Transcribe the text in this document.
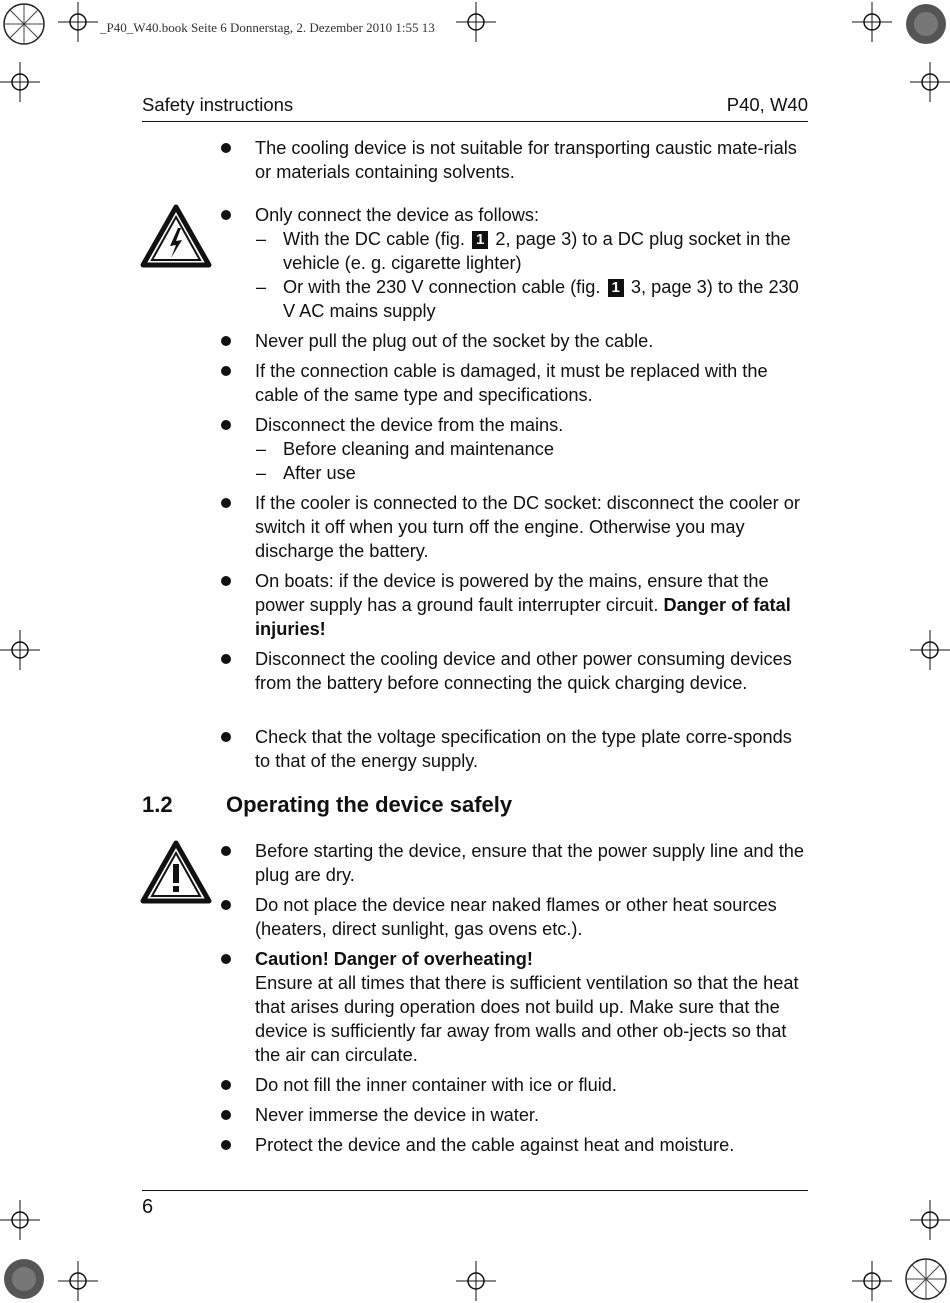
_P40_W40.book Seite 6 Donnerstag, 2. Dezember 2010 1:55 13
Safety instructions	P40, W40
The cooling device is not suitable for transporting caustic mate-rials or materials containing solvents.
Only connect the device as follows:
– With the DC cable (fig. 1 2, page 3) to a DC plug socket in the vehicle (e. g. cigarette lighter)
– Or with the 230 V connection cable (fig. 1 3, page 3) to the 230 V AC mains supply
Never pull the plug out of the socket by the cable.
If the connection cable is damaged, it must be replaced with the cable of the same type and specifications.
Disconnect the device from the mains.
– Before cleaning and maintenance
– After use
If the cooler is connected to the DC socket: disconnect the cooler or switch it off when you turn off the engine. Otherwise you may discharge the battery.
On boats: if the device is powered by the mains, ensure that the power supply has a ground fault interrupter circuit. Danger of fatal injuries!
Disconnect the cooling device and other power consuming devices from the battery before connecting the quick charging device.
Check that the voltage specification on the type plate corre-sponds to that of the energy supply.
1.2 Operating the device safely
Before starting the device, ensure that the power supply line and the plug are dry.
Do not place the device near naked flames or other heat sources (heaters, direct sunlight, gas ovens etc.).
Caution! Danger of overheating!
Ensure at all times that there is sufficient ventilation so that the heat that arises during operation does not build up. Make sure that the device is sufficiently far away from walls and other ob-jects so that the air can circulate.
Do not fill the inner container with ice or fluid.
Never immerse the device in water.
Protect the device and the cable against heat and moisture.
6
